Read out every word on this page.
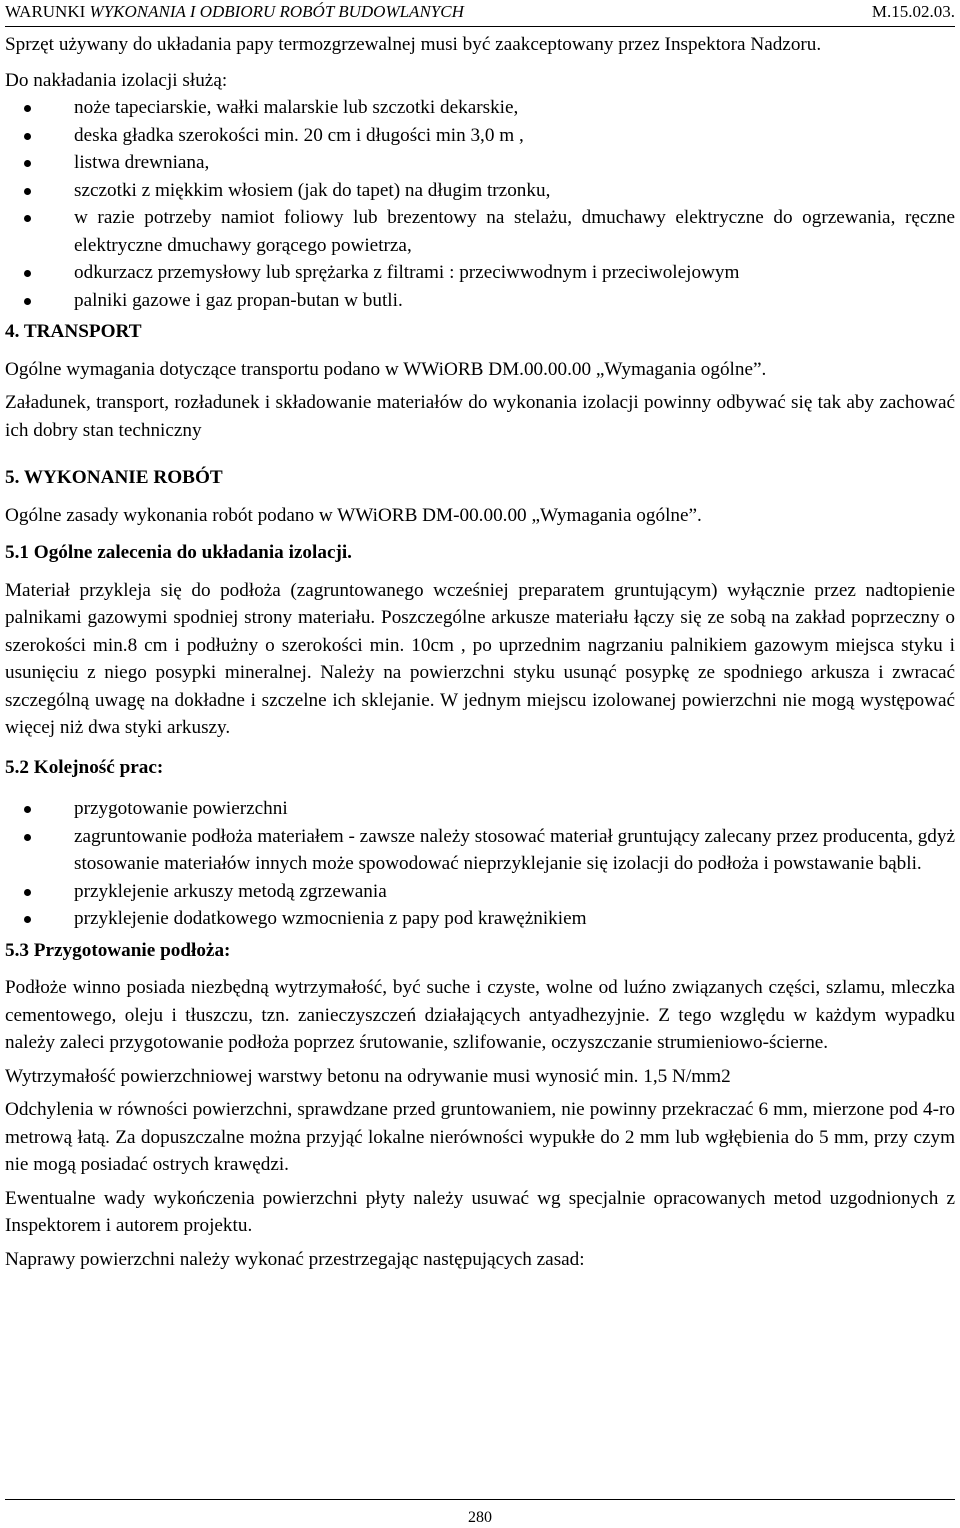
WARUNKI WYKONANIA I ODBIORU ROBÓT BUDOWLANYCH	M.15.02.03.

Sprzęt używany do układania papy termozgrzewalnej musi być zaakceptowany przez Inspektora Nadzoru.

Do nakładania izolacji służą:

noże tapeciarskie, wałki malarskie lub szczotki dekarskie,
deska gładka szerokości min. 20 cm i długości min 3,0 m ,
listwa drewniana,
szczotki z miękkim włosiem (jak do tapet) na długim trzonku,
w razie potrzeby namiot foliowy lub brezentowy na stelażu, dmuchawy elektryczne do ogrzewania, ręczne elektryczne dmuchawy gorącego powietrza,
odkurzacz przemysłowy lub sprężarka z filtrami : przeciwwodnym i przeciwolejowym
palniki gazowe i gaz propan-butan w butli.
4. TRANSPORT

Ogólne wymagania dotyczące transportu podano w WWiORB DM.00.00.00 „Wymagania ogólne”.

Załadunek, transport, rozładunek i składowanie materiałów do wykonania izolacji powinny odbywać się tak aby zachować ich dobry stan techniczny

5. WYKONANIE ROBÓT

Ogólne zasady wykonania robót podano w WWiORB DM-00.00.00 „Wymagania ogólne”.

5.1 Ogólne zalecenia do układania izolacji.

Materiał przykleja się do podłoża (zagruntowanego wcześniej preparatem gruntującym) wyłącznie przez nadtopienie palnikami gazowymi spodniej strony materiału. Poszczególne arkusze materiału łączy się ze sobą na zakład poprzeczny o szerokości min.8 cm i podłużny o szerokości min. 10cm , po uprzednim nagrzaniu palnikiem gazowym miejsca styku i usunięciu z niego posypki mineralnej. Należy na powierzchni styku usunąć posypkę ze spodniego arkusza i zwracać szczególną uwagę na dokładne i szczelne ich sklejanie. W jednym miejscu izolowanej powierzchni nie mogą występować więcej niż dwa styki arkuszy.

5.2 Kolejność prac:
przygotowanie powierzchni
zagruntowanie podłoża materiałem - zawsze należy stosować materiał gruntujący zalecany przez producenta, gdyż stosowanie materiałów innych może spowodować nieprzyklejanie się izolacji do podłoża i powstawanie bąbli.
przyklejenie arkuszy metodą zgrzewania
przyklejenie dodatkowego wzmocnienia z papy pod krawężnikiem
5.3 Przygotowanie podłoża:

Podłoże winno posiada niezbędną wytrzymałość, być suche i czyste, wolne od luźno związanych części, szlamu, mleczka cementowego, oleju i tłuszczu, tzn. zanieczyszczeń działających antyadhezyjnie. Z tego względu w każdym wypadku należy zaleci przygotowanie podłoża poprzez śrutowanie, szlifowanie, oczyszczanie strumieniowo-ścierne.

Wytrzymałość powierzchniowej warstwy betonu na odrywanie musi wynosić min. 1,5 N/mm2

Odchylenia w równości powierzchni, sprawdzane przed gruntowaniem, nie powinny przekraczać 6 mm, mierzone pod 4-ro metrową łatą. Za dopuszczalne można przyjąć lokalne nierówności wypukłe do 2 mm lub wgłębienia do 5 mm, przy czym nie mogą posiadać ostrych krawędzi.

Ewentualne wady wykończenia powierzchni płyty należy usuwać wg specjalnie opracowanych metod uzgodnionych z Inspektorem i autorem projektu.

Naprawy powierzchni należy wykonać przestrzegając następujących zasad:

280
